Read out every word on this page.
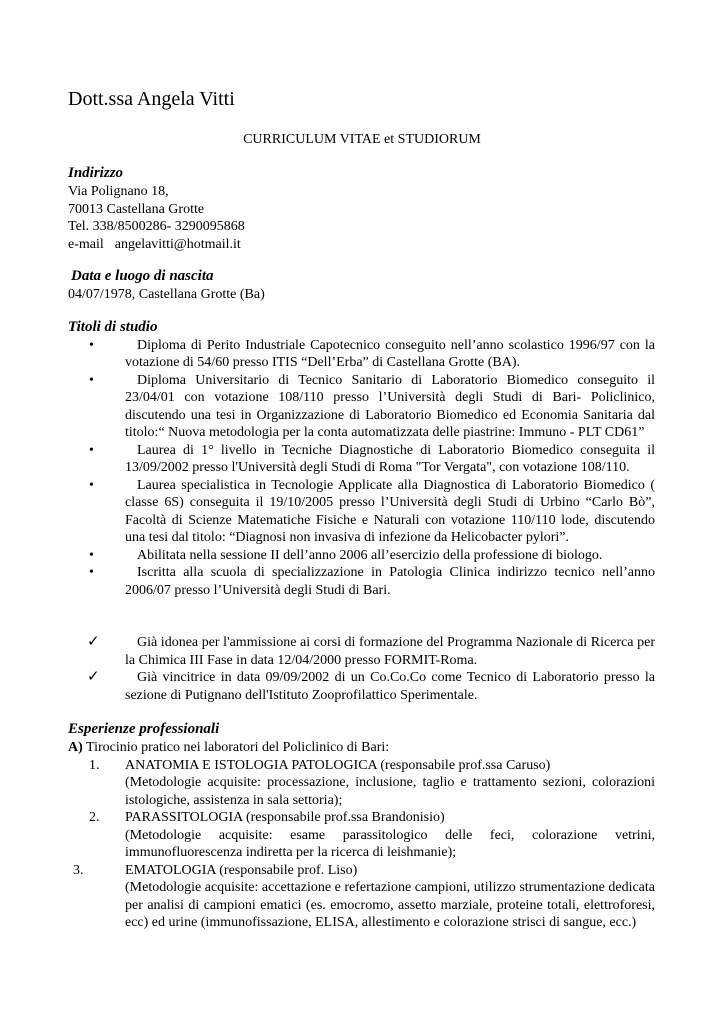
Dott.ssa Angela Vitti
CURRICULUM VITAE et STUDIORUM

Indirizzo

Via Polignano 18,

70013 Castellana Grotte

Tel. 338/8500286- 3290095868

e-mail angelavitti@hotmail.it

Data e luogo di nascita

04/07/1978, Castellana Grotte (Ba)

Titoli di studio

•	Diploma di Perito Industriale Capotecnico conseguito nell’anno scolastico 1996/97 con la votazione di 54/60 presso ITIS “Dell’Erba” di Castellana Grotte (BA).
•	Diploma Universitario di Tecnico Sanitario di Laboratorio Biomedico conseguito il 23/04/01 con votazione 108/110 presso l’Università degli Studi di Bari- Policlinico, discutendo una tesi in Organizzazione di Laboratorio Biomedico ed Economia Sanitaria dal titolo:“ Nuova metodologia per la conta automatizzata delle piastrine: Immuno - PLT CD61”
•	Laurea di 1° livello in Tecniche Diagnostiche di Laboratorio Biomedico conseguita il 13/09/2002 presso l'Università degli Studi di Roma "Tor Vergata", con votazione 108/110.
•	Laurea specialistica in Tecnologie Applicate alla Diagnostica di Laboratorio Biomedico ( classe 6S) conseguita il 19/10/2005 presso l’Università degli Studi di Urbino “Carlo Bò”, Facoltà di Scienze Matematiche Fisiche e Naturali con votazione 110/110 lode, discutendo una tesi dal titolo: “Diagnosi non invasiva di infezione da Helicobacter pylori”.
•	Abilitata nella sessione II dell’anno 2006 all’esercizio della professione di biologo.
•	Iscritta alla scuola di specializzazione in Patologia Clinica indirizzo tecnico nell’anno 2006/07 presso l’Università degli Studi di Bari.
✓	Già idonea per l'ammissione ai corsi di formazione del Programma Nazionale di Ricerca per la Chimica III Fase in data 12/04/2000 presso FORMIT-Roma.
✓	Già vincitrice in data 09/09/2002 di un Co.Co.Co come Tecnico di Laboratorio presso la sezione di Putignano dell'Istituto Zooprofilattico Sperimentale.

Esperienze professionali

A) Tirocinio pratico nei laboratori del Policlinico di Bari:

1. ANATOMIA E ISTOLOGIA PATOLOGICA (responsabile prof.ssa Caruso)
(Metodologie acquisite: processazione, inclusione, taglio e trattamento sezioni, colorazioni istologiche, assistenza in sala settoria);
2. PARASSITOLOGIA (responsabile prof.ssa Brandonisio)
(Metodologie acquisite: esame parassitologico delle feci, colorazione vetrini, immunofluorescenza indiretta per la ricerca di leishmanie);
3.	EMATOLOGIA (responsabile prof. Liso)
(Metodologie acquisite: accettazione e refertazione campioni, utilizzo strumentazione dedicata per analisi di campioni ematici (es. emocromo, assetto marziale, proteine totali, elettroforesi, ecc) ed urine (immunofissazione, ELISA, allestimento e colorazione strisci di sangue, ecc.)
